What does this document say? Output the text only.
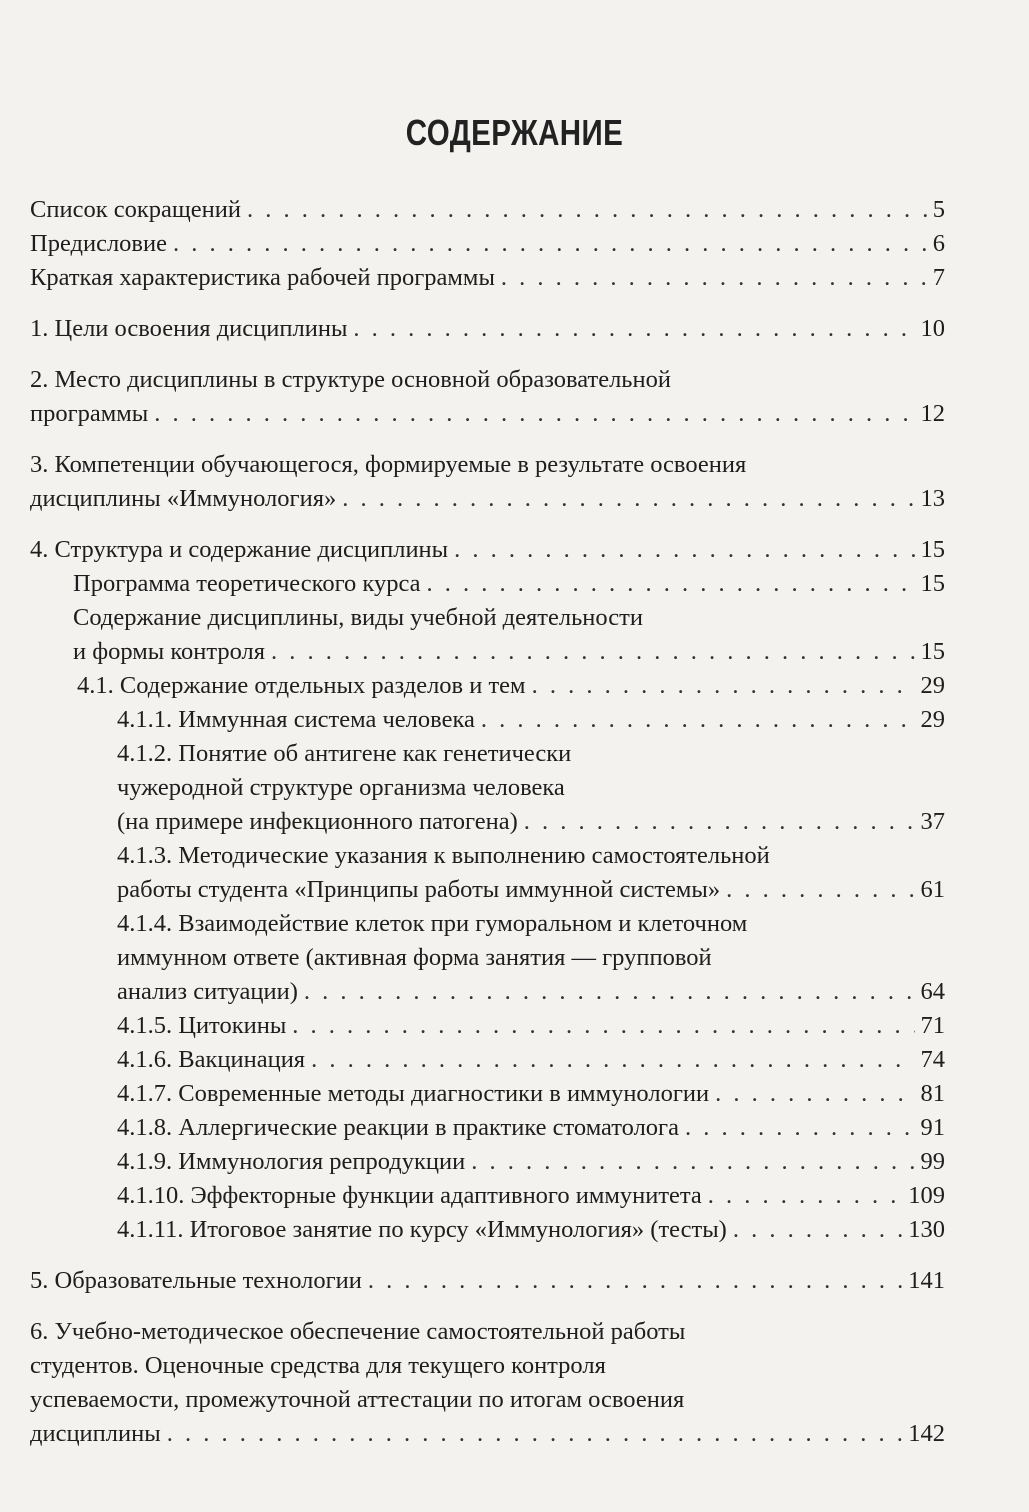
СОДЕРЖАНИЕ
Список сокращений . . .	5
Предисловие . . .	6
Краткая характеристика рабочей программы . . .	7
1. Цели освоения дисциплины . . .	10
2. Место дисциплины в структуре основной образовательной
программы . . .	12
3. Компетенции обучающегося, формируемые в результате освоения
дисциплины «Иммунология» . . .	13
4. Структура и содержание дисциплины . . .	15
Программа теоретического курса . . .	15
Содержание дисциплины, виды учебной деятельности
и формы контроля . . .	15
4.1. Содержание отдельных разделов и тем . . .	29
4.1.1. Иммунная система человека . . .	29
4.1.2. Понятие об антигене как генетически
чужеродной структуре организма человека
(на примере инфекционного патогена) . . .	37
4.1.3. Методические указания к выполнению самостоятельной
работы студента «Принципы работы иммунной системы» . . .	61
4.1.4. Взаимодействие клеток при гуморальном и клеточном
иммунном ответе (активная форма занятия — групповой
анализ ситуации) . . .	64
4.1.5. Цитокины . . .	71
4.1.6. Вакцинация . . .	74
4.1.7. Современные методы диагностики в иммунологии . . .	81
4.1.8. Аллергические реакции в практике стоматолога . . .	91
4.1.9. Иммунология репродукции . . .	99
4.1.10. Эффекторные функции адаптивного иммунитета . . .	109
4.1.11. Итоговое занятие по курсу «Иммунология» (тесты) . . .	130
5. Образовательные технологии . . .	141
6. Учебно-методическое обеспечение самостоятельной работы
студентов. Оценочные средства для текущего контроля
успеваемости, промежуточной аттестации по итогам освоения
дисциплины . . .	142
